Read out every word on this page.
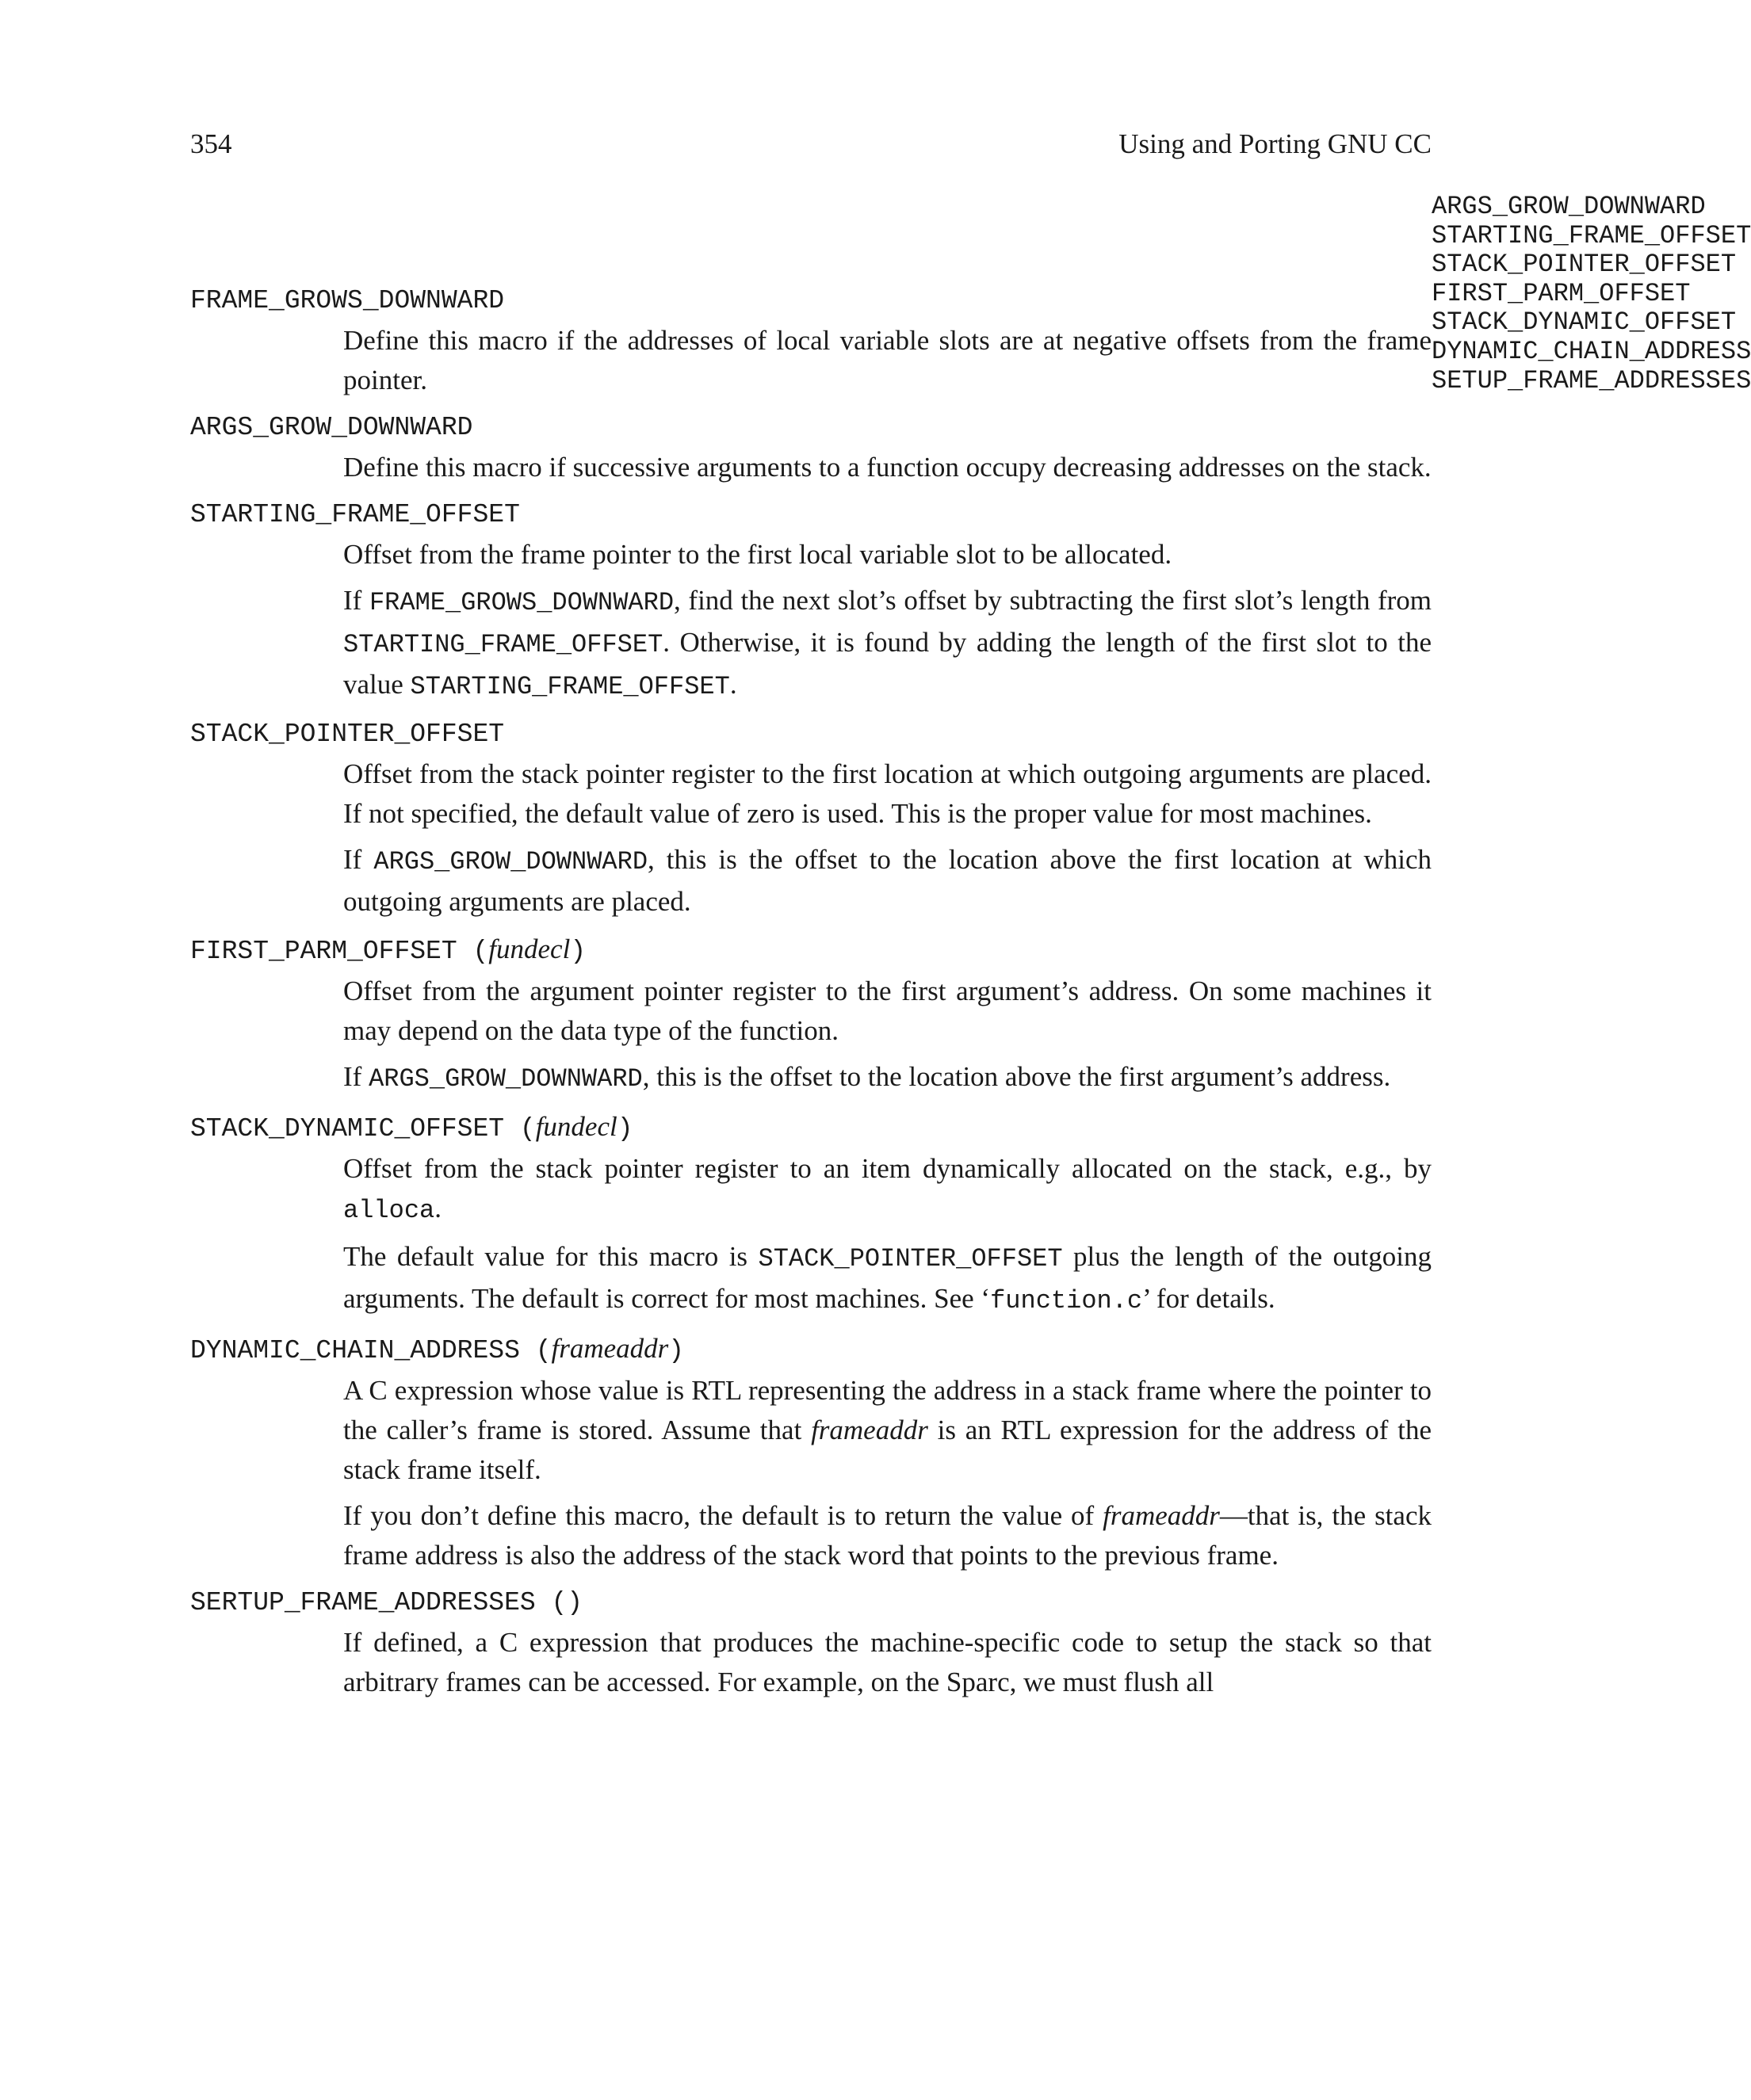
354	Using and Porting GNU CC
ARGS_GROW_DOWNWARD
STARTING_FRAME_OFFSET
STACK_POINTER_OFFSET
FIRST_PARM_OFFSET
STACK_DYNAMIC_OFFSET
DYNAMIC_CHAIN_ADDRESS
SETUP_FRAME_ADDRESSES
FRAME_GROWS_DOWNWARD
Define this macro if the addresses of local variable slots are at negative offsets from the frame pointer.
ARGS_GROW_DOWNWARD
Define this macro if successive arguments to a function occupy decreasing addresses on the stack.
STARTING_FRAME_OFFSET
Offset from the frame pointer to the first local variable slot to be allocated.
If FRAME_GROWS_DOWNWARD, find the next slot’s offset by subtracting the first slot’s length from STARTING_FRAME_OFFSET. Otherwise, it is found by adding the length of the first slot to the value STARTING_FRAME_OFFSET.
STACK_POINTER_OFFSET
Offset from the stack pointer register to the first location at which outgoing arguments are placed. If not specified, the default value of zero is used. This is the proper value for most machines.
If ARGS_GROW_DOWNWARD, this is the offset to the location above the first location at which outgoing arguments are placed.
FIRST_PARM_OFFSET (fundecl)
Offset from the argument pointer register to the first argument’s address. On some machines it may depend on the data type of the function.
If ARGS_GROW_DOWNWARD, this is the offset to the location above the first argument’s address.
STACK_DYNAMIC_OFFSET (fundecl)
Offset from the stack pointer register to an item dynamically allocated on the stack, e.g., by alloca.
The default value for this macro is STACK_POINTER_OFFSET plus the length of the outgoing arguments. The default is correct for most machines. See ‘function.c’ for details.
DYNAMIC_CHAIN_ADDRESS (frameaddr)
A C expression whose value is RTL representing the address in a stack frame where the pointer to the caller’s frame is stored. Assume that frameaddr is an RTL expression for the address of the stack frame itself.
If you don’t define this macro, the default is to return the value of frameaddr—that is, the stack frame address is also the address of the stack word that points to the previous frame.
SERTUP_FRAME_ADDRESSES ()
If defined, a C expression that produces the machine-specific code to setup the stack so that arbitrary frames can be accessed. For example, on the Sparc, we must flush all
